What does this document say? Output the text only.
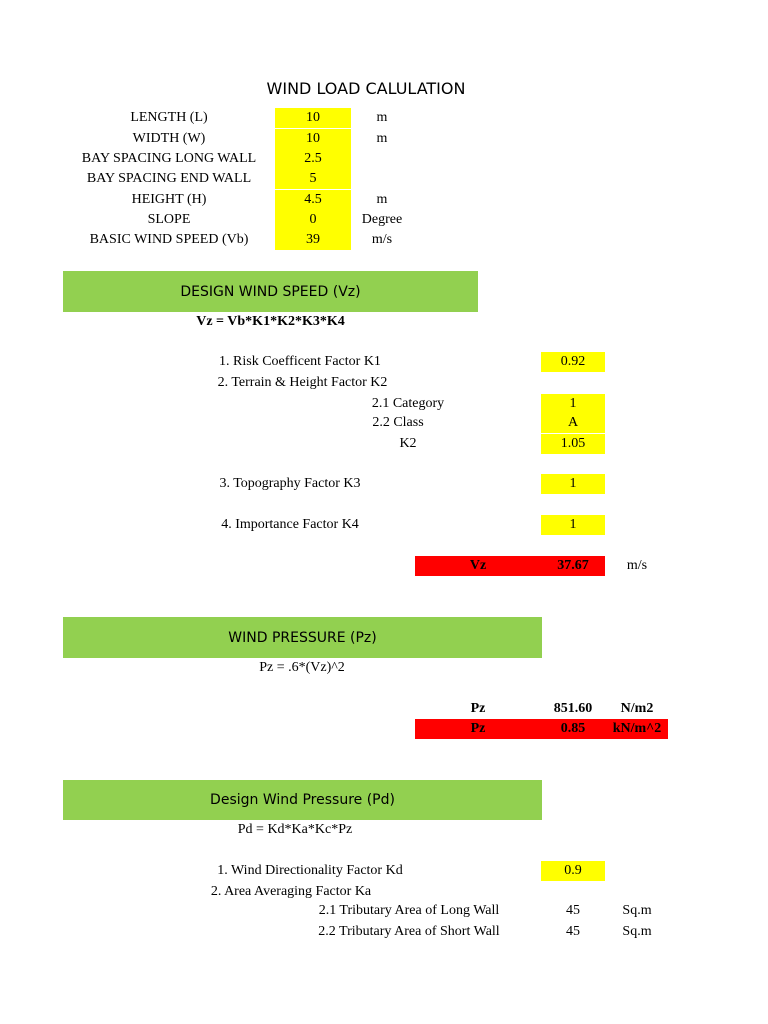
WIND LOAD CALULATION
LENGTH (L)	10	m
WIDTH (W)	10	m
BAY SPACING LONG WALL	2.5
BAY SPACING END WALL	5
HEIGHT (H)	4.5	m
SLOPE	0	Degree
BASIC WIND SPEED (Vb)	39	m/s
DESIGN WIND SPEED (Vz)
Vz = Vb*K1*K2*K3*K4
1. Risk Coefficent Factor K1	0.92
2. Terrain & Height Factor K2
2.1 Category	1
2.2 Class	A
K2	1.05
3. Topography Factor K3	1
4. Importance Factor K4	1
Vz	37.67	m/s
WIND PRESSURE (Pz)
Pz = .6*(Vz)^2
Pz	851.60	N/m2
Pz	0.85	kN/m^2
Design Wind Pressure (Pd)
Pd = Kd*Ka*Kc*Pz
1. Wind Directionality Factor Kd	0.9
2. Area Averaging Factor Ka
2.1 Tributary Area of Long Wall	45	Sq.m
2.2 Tributary Area of Short Wall	45	Sq.m
